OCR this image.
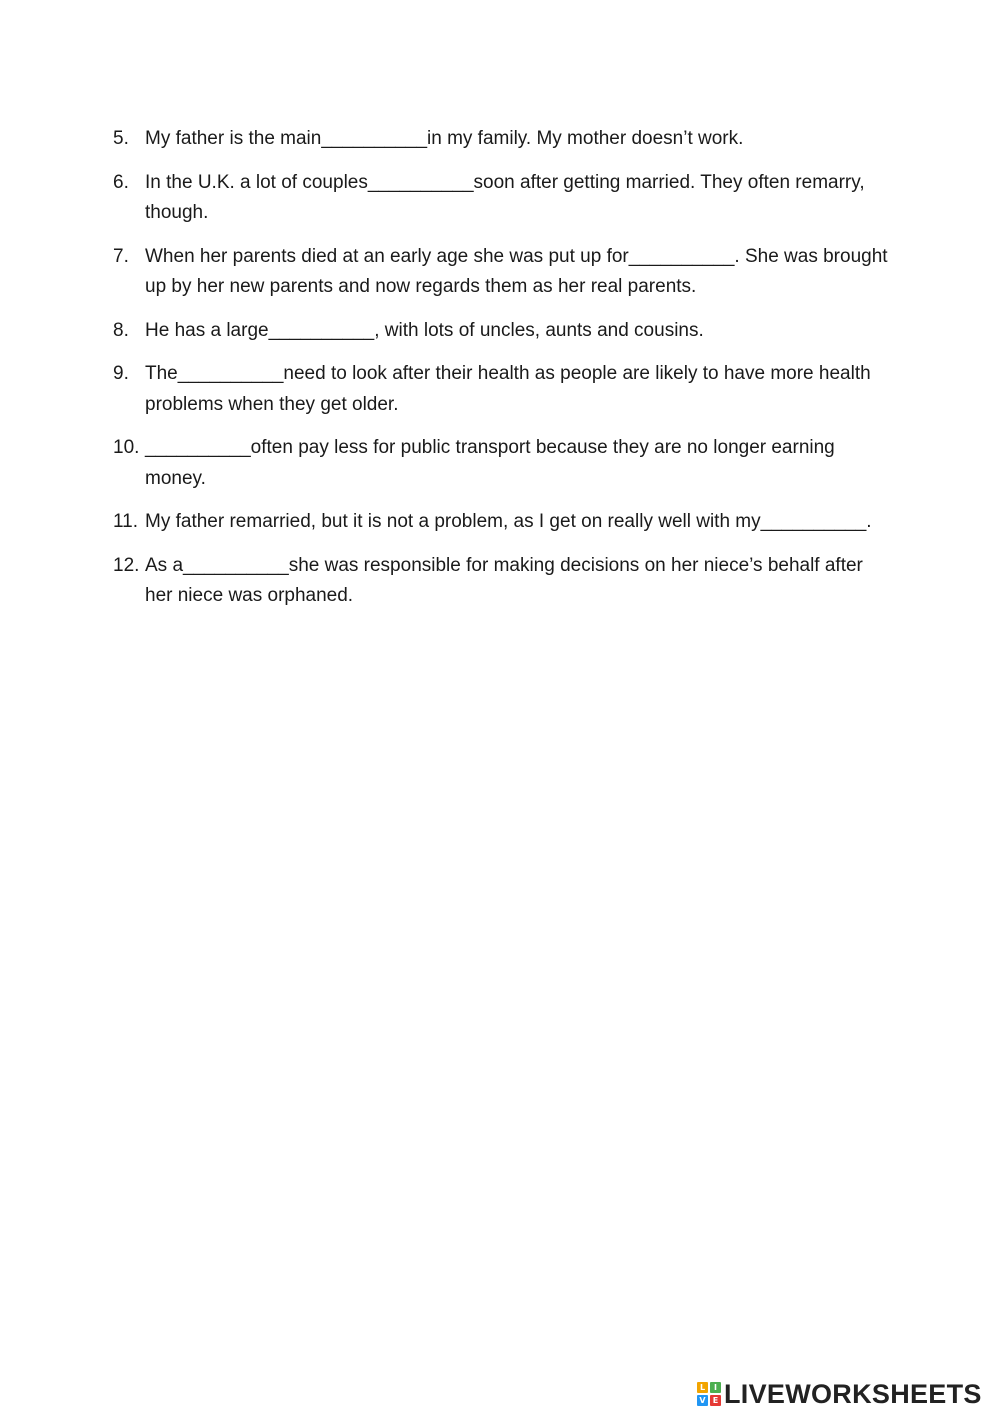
5. My father is the main__________in my family. My mother doesn’t work.
6. In the U.K. a lot of couples__________soon after getting married. They often remarry, though.
7. When her parents died at an early age she was put up for__________. She was brought up by her new parents and now regards them as her real parents.
8. He has a large__________, with lots of uncles, aunts and cousins.
9. The__________need to look after their health as people are likely to have more health problems when they get older.
10. __________often pay less for public transport because they are no longer earning money.
11. My father remarried, but it is not a problem, as I get on really well with my__________.
12. As a__________she was responsible for making decisions on her niece’s behalf after her niece was orphaned.
L	I
V E LIVEWORKSHEETS
